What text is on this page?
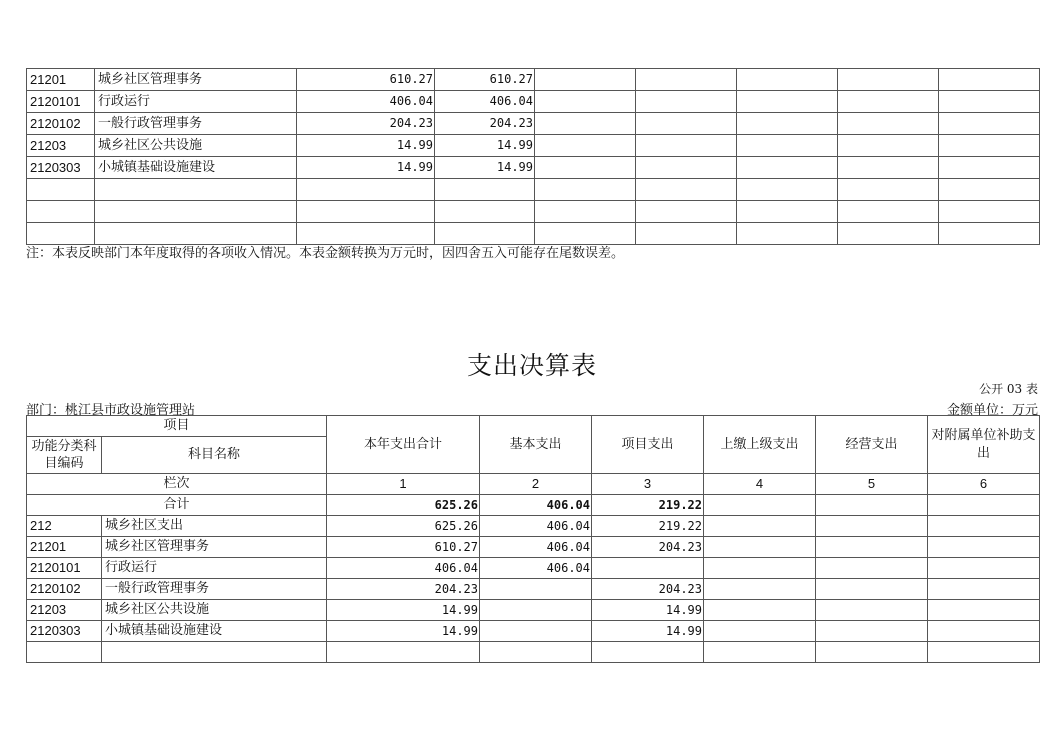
21201	城乡社区管理事务	610.27	610.27					
2120101	行政运行	406.04	406.04					
2120102	一般行政管理事务	204.23	204.23					
21203	城乡社区公共设施	14.99	14.99					
2120303	小城镇基础设施建设	14.99	14.99					

注：本表反映部门本年度取得的各项收入情况。本表金额转换为万元时，因四舍五入可能存在尾数误差。
支出决算表
公开 03 表
部门：桃江县市政设施管理站	金额单位：万元
项目		本年支出合计	基本支出	项目支出	上缴上级支出	经营支出	对附属单位补助支出
功能分类科目编码	科目名称						
栏次		1	2	3	4	5	6
合计		625.26	406.04	219.22			
212	城乡社区支出	625.26	406.04	219.22			
21201	城乡社区管理事务	610.27	406.04	204.23			
2120101	行政运行	406.04	406.04				
2120102	一般行政管理事务	204.23		204.23			
21203	城乡社区公共设施	14.99		14.99			
2120303	小城镇基础设施建设	14.99		14.99			
